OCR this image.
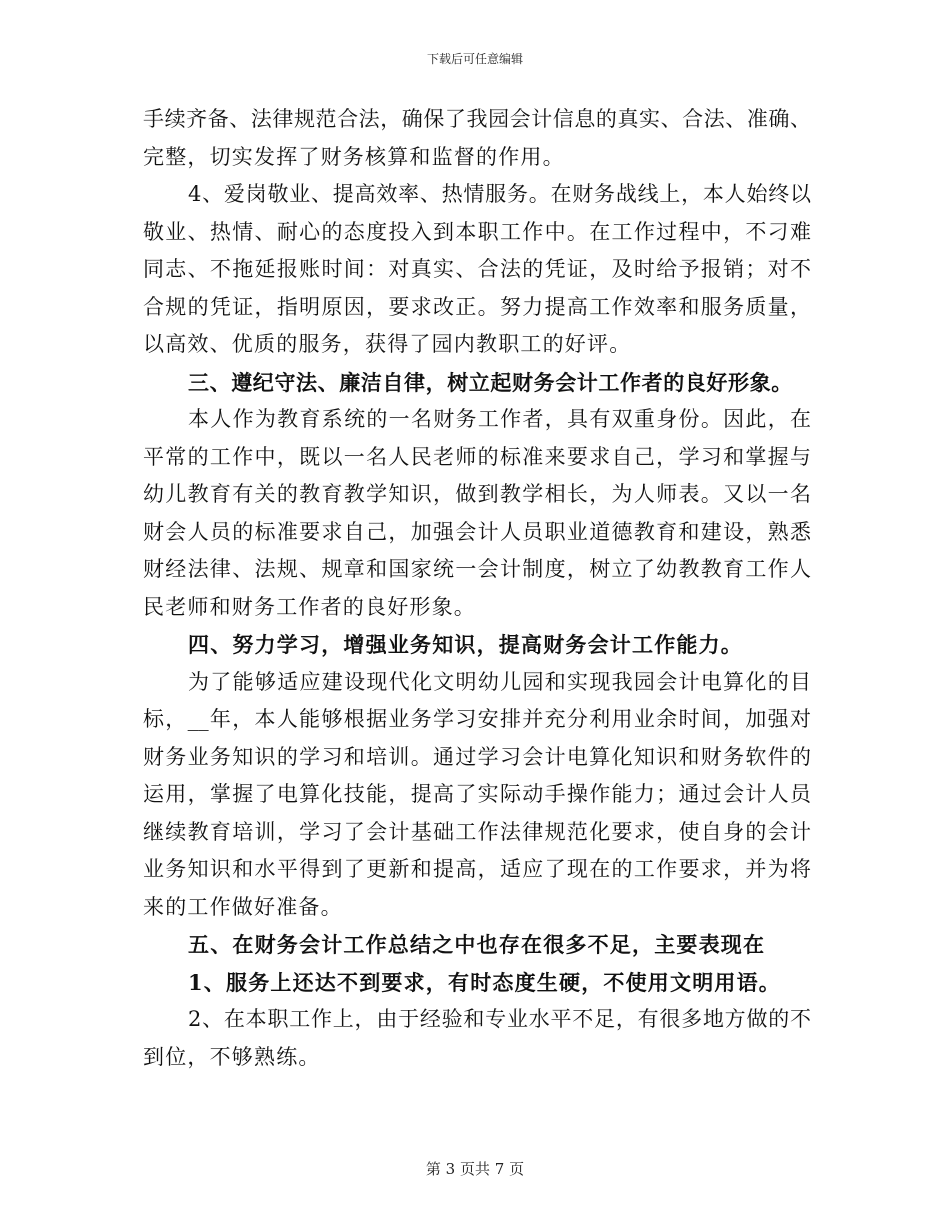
下载后可任意编辑
手续齐备、法律规范合法，确保了我园会计信息的真实、合法、准确、
完整，切实发挥了财务核算和监督的作用。
4、爱岗敬业、提高效率、热情服务。在财务战线上，本人始终以
敬业、热情、耐心的态度投入到本职工作中。在工作过程中，不刁难
同志、不拖延报账时间：对真实、合法的凭证，及时给予报销；对不
合规的凭证，指明原因，要求改正。努力提高工作效率和服务质量，
以高效、优质的服务，获得了园内教职工的好评。
三、遵纪守法、廉洁自律，树立起财务会计工作者的良好形象。
本人作为教育系统的一名财务工作者，具有双重身份。因此，在
平常的工作中，既以一名人民老师的标准来要求自己，学习和掌握与
幼儿教育有关的教育教学知识，做到教学相长，为人师表。又以一名
财会人员的标准要求自己，加强会计人员职业道德教育和建设，熟悉
财经法律、法规、规章和国家统一会计制度，树立了幼教教育工作人
民老师和财务工作者的良好形象。
四、努力学习，增强业务知识，提高财务会计工作能力。
为了能够适应建设现代化文明幼儿园和实现我园会计电算化的目
标，__年，本人能够根据业务学习安排并充分利用业余时间，加强对
财务业务知识的学习和培训。通过学习会计电算化知识和财务软件的
运用，掌握了电算化技能，提高了实际动手操作能力；通过会计人员
继续教育培训，学习了会计基础工作法律规范化要求，使自身的会计
业务知识和水平得到了更新和提高，适应了现在的工作要求，并为将
来的工作做好准备。
五、在财务会计工作总结之中也存在很多不足，主要表现在
1、服务上还达不到要求，有时态度生硬，不使用文明用语。
2、在本职工作上，由于经验和专业水平不足，有很多地方做的不
到位，不够熟练。
第 3 页共 7 页
